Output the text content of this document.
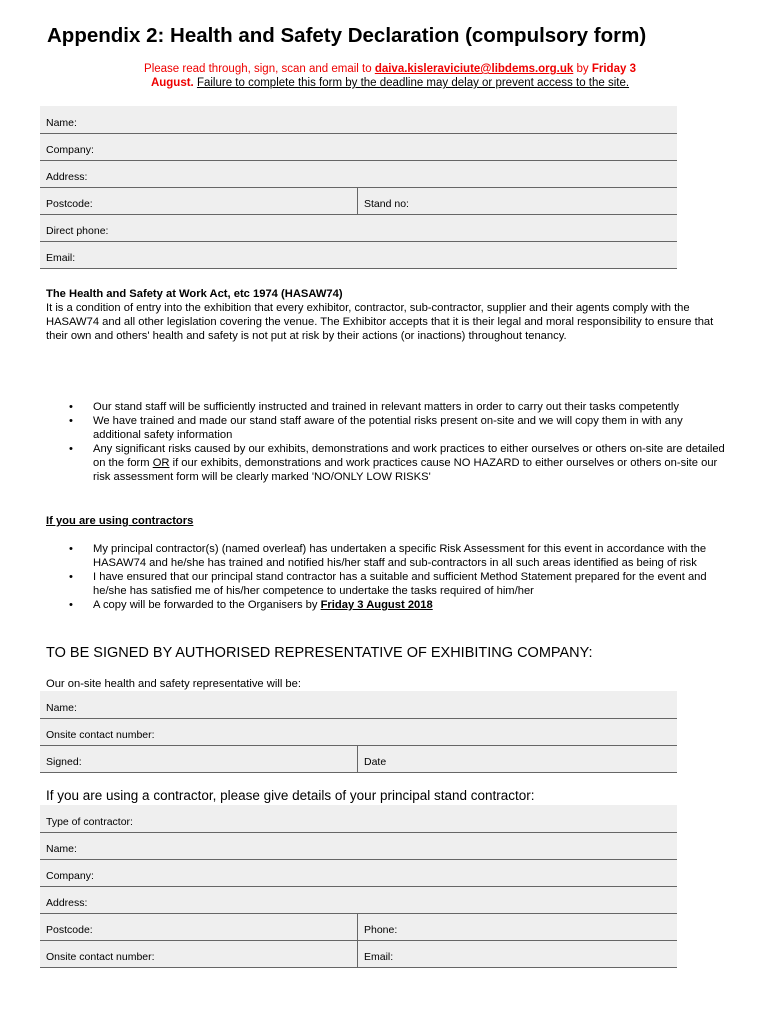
Appendix 2: Health and Safety Declaration (compulsory form)
Please read through, sign, scan and email to daiva.kisleraviciute@libdems.org.uk by Friday 3
August. Failure to complete this form by the deadline may delay or prevent access to the site.
Name:
Company:
Address:
Postcode:	Stand no:
Direct phone:
Email:
The Health and Safety at Work Act, etc 1974 (HASAW74)
It is a condition of entry into the exhibition that every exhibitor, contractor, sub-contractor, supplier and their agents comply with the HASAW74 and all other legislation covering the venue. The Exhibitor accepts that it is their legal and moral responsibility to ensure that their own and others' health and safety is not put at risk by their actions (or inactions) throughout tenancy.
• Our stand staff will be sufficiently instructed and trained in relevant matters in order to carry out their tasks competently
• We have trained and made our stand staff aware of the potential risks present on-site and we will copy them in with any additional safety information
• Any significant risks caused by our exhibits, demonstrations and work practices to either ourselves or others on-site are detailed on the form OR if our exhibits, demonstrations and work practices cause NO HAZARD to either ourselves or others on-site our risk assessment form will be clearly marked 'NO/ONLY LOW RISKS'
If you are using contractors
• My principal contractor(s) (named overleaf) has undertaken a specific Risk Assessment for this event in accordance with the HASAW74 and he/she has trained and notified his/her staff and sub-contractors in all such areas identified as being of risk
• I have ensured that our principal stand contractor has a suitable and sufficient Method Statement prepared for the event and he/she has satisfied me of his/her competence to undertake the tasks required of him/her
• A copy will be forwarded to the Organisers by Friday 3 August 2018
TO BE SIGNED BY AUTHORISED REPRESENTATIVE OF EXHIBITING COMPANY:
Our on-site health and safety representative will be:
Name:
Onsite contact number:
Signed:	Date
If you are using a contractor, please give details of your principal stand contractor:
Type of contractor:
Name:
Company:
Address:
Postcode:	Phone:
Onsite contact number:	Email:
